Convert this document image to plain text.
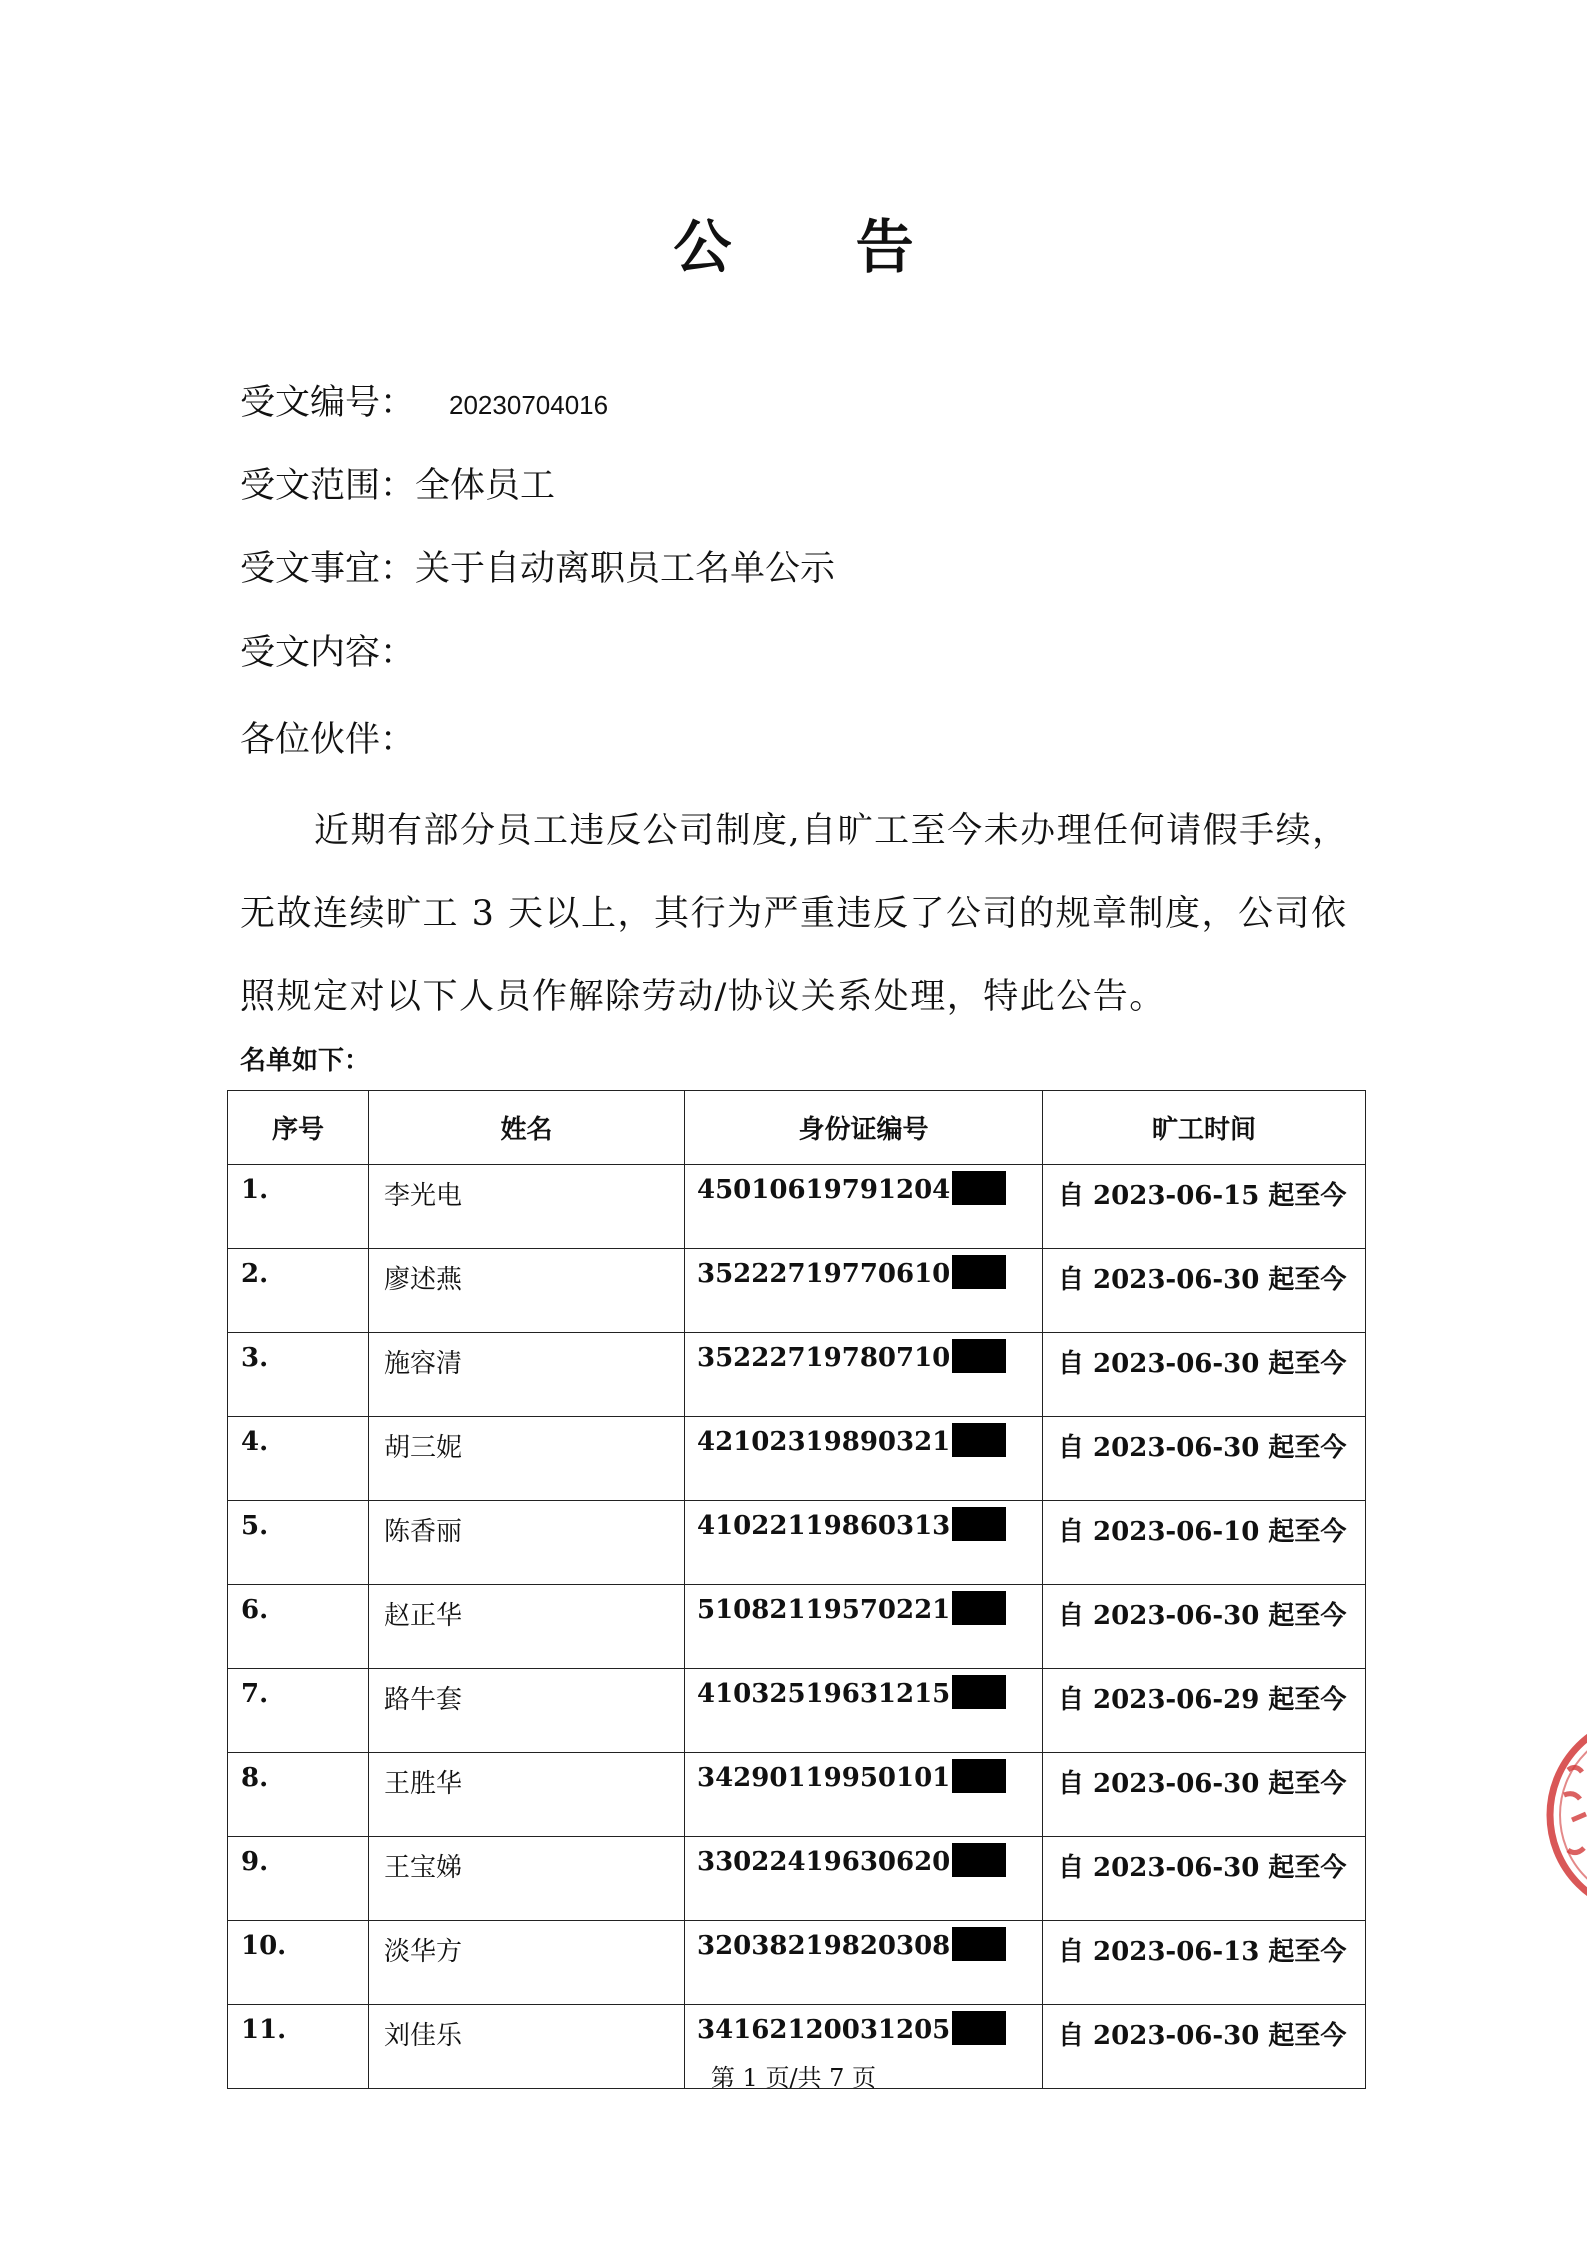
公 告
受文编号： 20230704016
受文范围：全体员工
受文事宜：关于自动离职员工名单公示
受文内容：
各位伙伴：
近期有部分员工违反公司制度,自旷工至今未办理任何请假手续，无故连续旷工 3 天以上，其行为严重违反了公司的规章制度，公司依照规定对以下人员作解除劳动/协议关系处理，特此公告。
名单如下：
序号	姓名	身份证编号	旷工时间
1.	李光电	45010619791204	自 2023-06-15 起至今
2.	廖述燕	35222719770610	自 2023-06-30 起至今
3.	施容清	35222719780710	自 2023-06-30 起至今
4.	胡三妮	42102319890321	自 2023-06-30 起至今
5.	陈香丽	41022119860313	自 2023-06-10 起至今
6.	赵正华	51082119570221	自 2023-06-30 起至今
7.	路牛套	41032519631215	自 2023-06-29 起至今
8.	王胜华	34290119950101	自 2023-06-30 起至今
9.	王宝娣	33022419630620	自 2023-06-30 起至今
10.	淡华方	32038219820308	自 2023-06-13 起至今
11.	刘佳乐	34162120031205	自 2023-06-30 起至今
第 1 页/共 7 页
